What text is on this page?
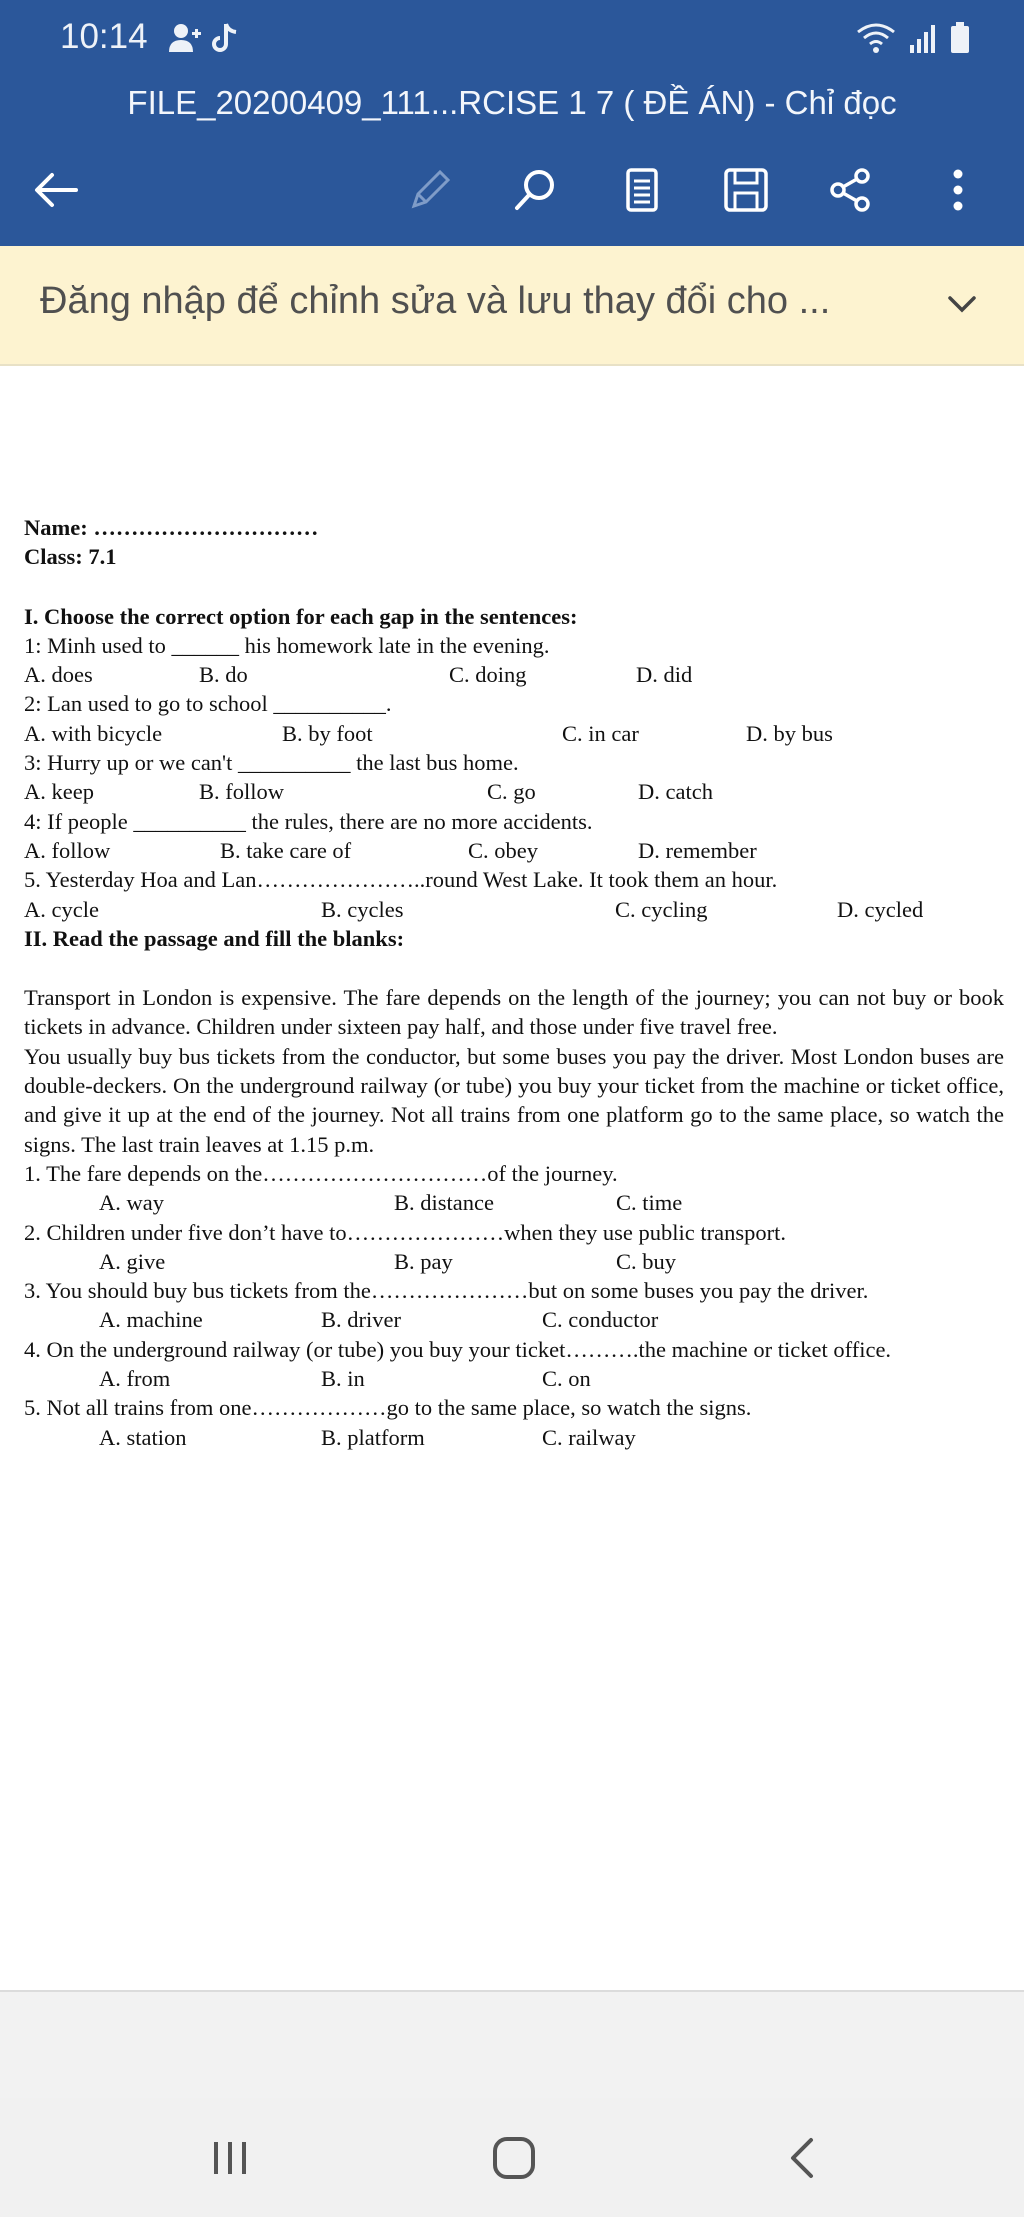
10:14
FILE_20200409_111...RCISE 1 7 ( ĐỀ ÁN) - Chỉ đọc
Đăng nhập để chỉnh sửa và lưu thay đổi cho ...
Name: …………………………
Class: 7.1
I. Choose the correct option for each gap in the sentences:
1: Minh used to ______ his homework late in the evening.
A. does	B. do	C. doing	D. did
2: Lan used to go to school __________.
A. with bicycle	B. by foot	C. in car	D. by bus
3: Hurry up or we can't __________ the last bus home.
A. keep	B. follow	C. go	D. catch
4: If people __________ the rules, there are no more accidents.
A. follow	B. take care of	C. obey	D. remember
5. Yesterday Hoa and Lan…………………..round West Lake. It took them an hour.
A. cycle	B. cycles	C. cycling	D. cycled
II. Read the passage and fill the blanks:
Transport in London is expensive. The fare depends on the length of the journey; you can not buy or book tickets in advance. Children under sixteen pay half, and those under five travel free.
You usually buy bus tickets from the conductor, but some buses you pay the driver. Most London buses are double-deckers. On the underground railway (or tube) you buy your ticket from the machine or ticket office, and give it up at the end of the journey. Not all trains from one platform go to the same place, so watch the signs. The last train leaves at 1.15 p.m.
1. The fare depends on the…………………………of the journey.
A. way	B. distance	C. time
2. Children under five don’t have to…………………when they use public transport.
A. give	B. pay	C. buy
3. You should buy bus tickets from the…………………but on some buses you pay the driver.
A. machine	B. driver	C. conductor
4. On the underground railway (or tube) you buy your ticket……….the machine or ticket office.
A. from	B. in	C. on
5. Not all trains from one………………go to the same place, so watch the signs.
A. station	B. platform	C. railway
